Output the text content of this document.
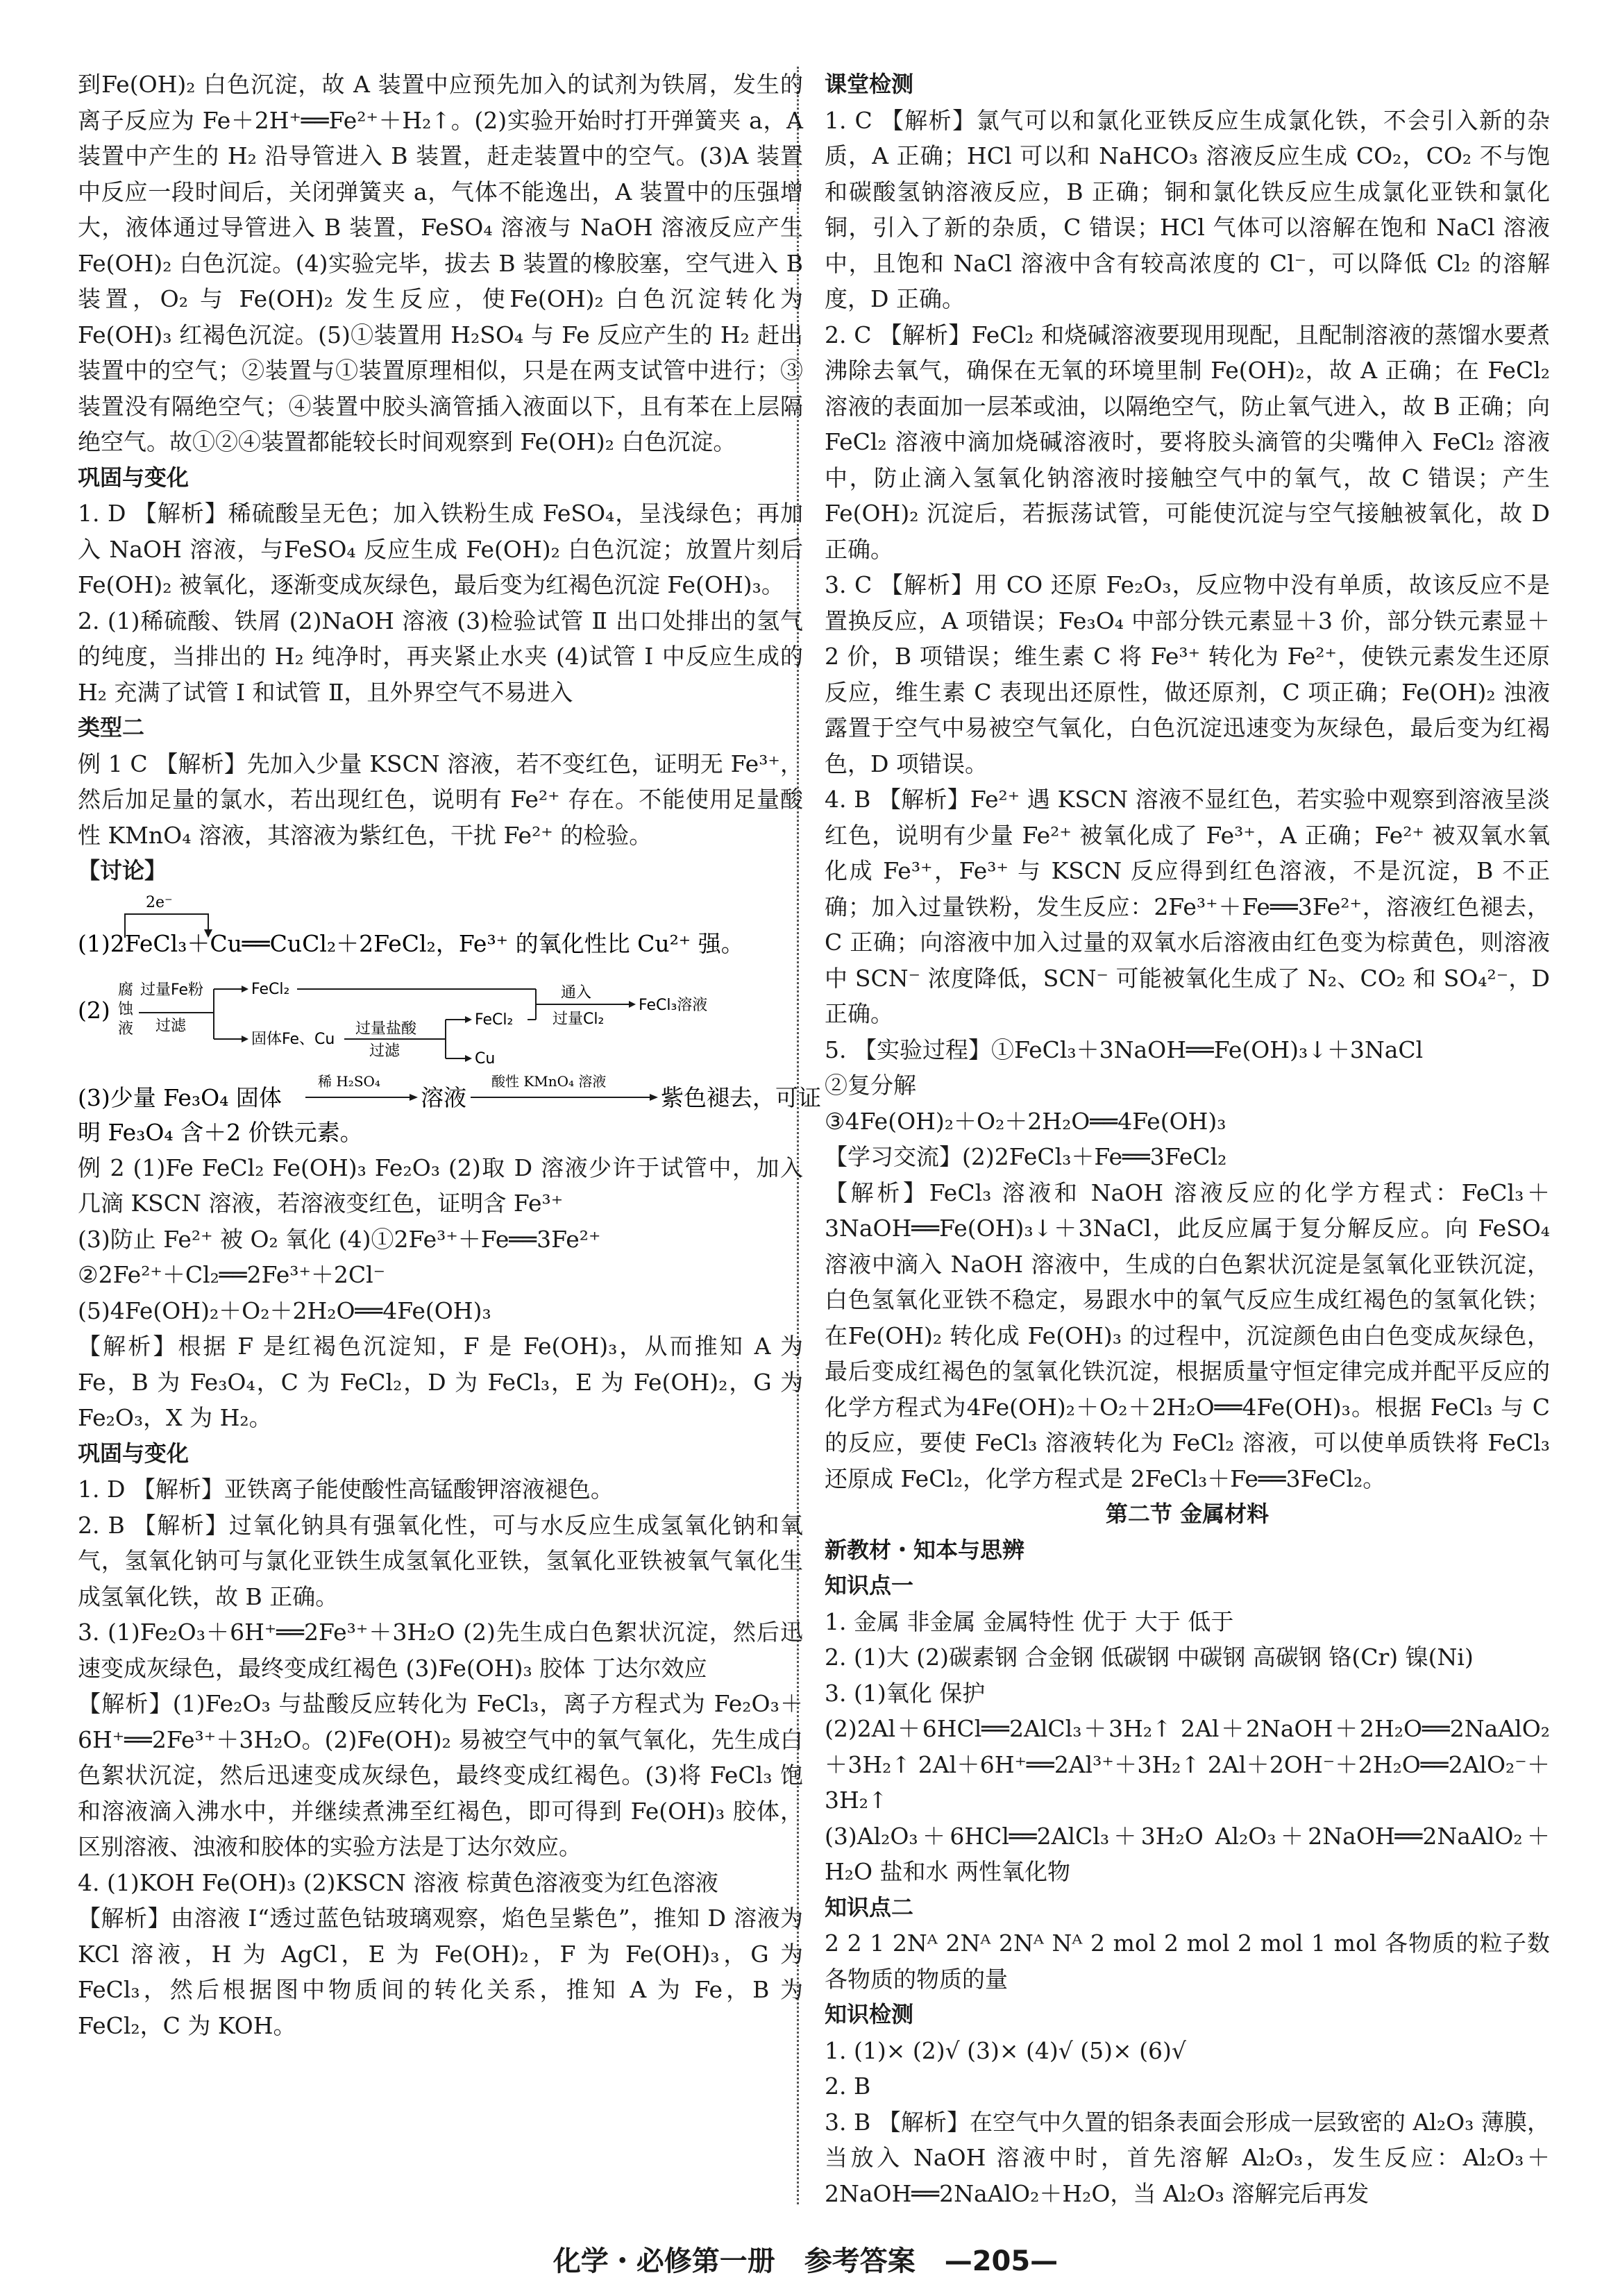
到Fe(OH)₂ 白色沉淀，故 A 装置中应预先加入的试剂为铁屑，发生的离子反应为 Fe＋2H⁺══Fe²⁺＋H₂↑。(2)实验开始时打开弹簧夹 a，A 装置中产生的 H₂ 沿导管进入 B 装置，赶走装置中的空气。(3)A 装置中反应一段时间后，关闭弹簧夹 a，气体不能逸出，A 装置中的压强增大，液体通过导管进入 B 装置，FeSO₄ 溶液与 NaOH 溶液反应产生 Fe(OH)₂ 白色沉淀。(4)实验完毕，拔去 B 装置的橡胶塞，空气进入 B 装置，O₂ 与 Fe(OH)₂ 发生反应，使Fe(OH)₂ 白色沉淀转化为 Fe(OH)₃ 红褐色沉淀。(5)①装置用 H₂SO₄ 与 Fe 反应产生的 H₂ 赶出装置中的空气；②装置与①装置原理相似，只是在两支试管中进行；③装置没有隔绝空气；④装置中胶头滴管插入液面以下，且有苯在上层隔绝空气。故①②④装置都能较长时间观察到 Fe(OH)₂ 白色沉淀。

巩固与变化

1. D 【解析】稀硫酸呈无色；加入铁粉生成 FeSO₄，呈浅绿色；再加入 NaOH 溶液，与FeSO₄ 反应生成 Fe(OH)₂ 白色沉淀；放置片刻后Fe(OH)₂ 被氧化，逐渐变成灰绿色，最后变为红褐色沉淀 Fe(OH)₃。

2. (1)稀硫酸、铁屑 (2)NaOH 溶液 (3)检验试管 Ⅱ 出口处排出的氢气的纯度，当排出的 H₂ 纯净时，再夹紧止水夹 (4)试管 Ⅰ 中反应生成的 H₂ 充满了试管 Ⅰ 和试管 Ⅱ，且外界空气不易进入

类型二

例 1 C 【解析】先加入少量 KSCN 溶液，若不变红色，证明无 Fe³⁺，然后加足量的氯水，若出现红色，说明有 Fe²⁺ 存在。不能使用足量酸性 KMnO₄ 溶液，其溶液为紫红色，干扰 Fe²⁺ 的检验。

【讨论】

2e⁻
(1)2FeCl₃＋Cu══CuCl₂＋2FeCl₂，Fe³⁺ 的氧化性比 Cu²⁺ 强。
(2)
腐
蚀
液
过量Fe粉
过滤
FeCl₂
固体Fe、Cu
过量盐酸
过滤
FeCl₂
Cu
通入
过量Cl₂
FeCl₃溶液
(3)少量 Fe₃O₄ 固体
稀 H₂SO₄
溶液
酸性 KMnO₄ 溶液
紫色褪去，可证
明 Fe₃O₄ 含＋2 价铁元素。

例 2 (1)Fe FeCl₂ Fe(OH)₃ Fe₂O₃ (2)取 D 溶液少许于试管中，加入几滴 KSCN 溶液，若溶液变红色，证明含 Fe³⁺

(3)防止 Fe²⁺ 被 O₂ 氧化 (4)①2Fe³⁺＋Fe══3Fe²⁺

②2Fe²⁺＋Cl₂══2Fe³⁺＋2Cl⁻

(5)4Fe(OH)₂＋O₂＋2H₂O══4Fe(OH)₃

【解析】根据 F 是红褐色沉淀知，F 是 Fe(OH)₃，从而推知 A 为 Fe，B 为 Fe₃O₄，C 为 FeCl₂，D 为 FeCl₃，E 为 Fe(OH)₂，G 为 Fe₂O₃，X 为 H₂。

巩固与变化

1. D 【解析】亚铁离子能使酸性高锰酸钾溶液褪色。

2. B 【解析】过氧化钠具有强氧化性，可与水反应生成氢氧化钠和氧气，氢氧化钠可与氯化亚铁生成氢氧化亚铁，氢氧化亚铁被氧气氧化生成氢氧化铁，故 B 正确。

3. (1)Fe₂O₃＋6H⁺══2Fe³⁺＋3H₂O (2)先生成白色絮状沉淀，然后迅速变成灰绿色，最终变成红褐色 (3)Fe(OH)₃ 胶体 丁达尔效应

【解析】(1)Fe₂O₃ 与盐酸反应转化为 FeCl₃，离子方程式为 Fe₂O₃＋6H⁺══2Fe³⁺＋3H₂O。(2)Fe(OH)₂ 易被空气中的氧气氧化，先生成白色絮状沉淀，然后迅速变成灰绿色，最终变成红褐色。(3)将 FeCl₃ 饱和溶液滴入沸水中，并继续煮沸至红褐色，即可得到 Fe(OH)₃ 胶体，区别溶液、浊液和胶体的实验方法是丁达尔效应。

4. (1)KOH Fe(OH)₃ (2)KSCN 溶液 棕黄色溶液变为红色溶液

【解析】由溶液 Ⅰ“透过蓝色钴玻璃观察，焰色呈紫色”，推知 D 溶液为 KCl 溶液，H 为 AgCl，E 为 Fe(OH)₂，F 为 Fe(OH)₃，G 为 FeCl₃，然后根据图中物质间的转化关系，推知 A 为 Fe，B 为 FeCl₂，C 为 KOH。

课堂检测

1. C 【解析】氯气可以和氯化亚铁反应生成氯化铁，不会引入新的杂质，A 正确；HCl 可以和 NaHCO₃ 溶液反应生成 CO₂，CO₂ 不与饱和碳酸氢钠溶液反应，B 正确；铜和氯化铁反应生成氯化亚铁和氯化铜，引入了新的杂质，C 错误；HCl 气体可以溶解在饱和 NaCl 溶液中，且饱和 NaCl 溶液中含有较高浓度的 Cl⁻，可以降低 Cl₂ 的溶解度，D 正确。

2. C 【解析】FeCl₂ 和烧碱溶液要现用现配，且配制溶液的蒸馏水要煮沸除去氧气，确保在无氧的环境里制 Fe(OH)₂，故 A 正确；在 FeCl₂ 溶液的表面加一层苯或油，以隔绝空气，防止氧气进入，故 B 正确；向 FeCl₂ 溶液中滴加烧碱溶液时，要将胶头滴管的尖嘴伸入 FeCl₂ 溶液中，防止滴入氢氧化钠溶液时接触空气中的氧气，故 C 错误；产生Fe(OH)₂ 沉淀后，若振荡试管，可能使沉淀与空气接触被氧化，故 D 正确。

3. C 【解析】用 CO 还原 Fe₂O₃，反应物中没有单质，故该反应不是置换反应，A 项错误；Fe₃O₄ 中部分铁元素显＋3 价，部分铁元素显＋2 价，B 项错误；维生素 C 将 Fe³⁺ 转化为 Fe²⁺，使铁元素发生还原反应，维生素 C 表现出还原性，做还原剂，C 项正确；Fe(OH)₂ 浊液露置于空气中易被空气氧化，白色沉淀迅速变为灰绿色，最后变为红褐色，D 项错误。

4. B 【解析】Fe²⁺ 遇 KSCN 溶液不显红色，若实验中观察到溶液呈淡红色，说明有少量 Fe²⁺ 被氧化成了 Fe³⁺，A 正确；Fe²⁺ 被双氧水氧化成 Fe³⁺，Fe³⁺ 与 KSCN 反应得到红色溶液，不是沉淀，B 不正确；加入过量铁粉，发生反应：2Fe³⁺＋Fe══3Fe²⁺，溶液红色褪去，C 正确；向溶液中加入过量的双氧水后溶液由红色变为棕黄色，则溶液中 SCN⁻ 浓度降低，SCN⁻ 可能被氧化生成了 N₂、CO₂ 和 SO₄²⁻，D 正确。

5. 【实验过程】①FeCl₃＋3NaOH══Fe(OH)₃↓＋3NaCl

②复分解

③4Fe(OH)₂＋O₂＋2H₂O══4Fe(OH)₃

【学习交流】(2)2FeCl₃＋Fe══3FeCl₂

【解析】FeCl₃ 溶液和 NaOH 溶液反应的化学方程式：FeCl₃＋3NaOH══Fe(OH)₃↓＋3NaCl，此反应属于复分解反应。向 FeSO₄ 溶液中滴入 NaOH 溶液中，生成的白色絮状沉淀是氢氧化亚铁沉淀，白色氢氧化亚铁不稳定，易跟水中的氧气反应生成红褐色的氢氧化铁；在Fe(OH)₂ 转化成 Fe(OH)₃ 的过程中，沉淀颜色由白色变成灰绿色，最后变成红褐色的氢氧化铁沉淀，根据质量守恒定律完成并配平反应的化学方程式为4Fe(OH)₂＋O₂＋2H₂O══4Fe(OH)₃。根据 FeCl₃ 与 C 的反应，要使 FeCl₃ 溶液转化为 FeCl₂ 溶液，可以使单质铁将 FeCl₃ 还原成 FeCl₂，化学方程式是 2FeCl₃＋Fe══3FeCl₂。

第二节 金属材料

新教材・知本与思辨

知识点一

1. 金属 非金属 金属特性 优于 大于 低于

2. (1)大 (2)碳素钢 合金钢 低碳钢 中碳钢 高碳钢 铬(Cr) 镍(Ni)

3. (1)氧化 保护

(2)2Al＋6HCl══2AlCl₃＋3H₂↑ 2Al＋2NaOH＋2H₂O══2NaAlO₂＋3H₂↑ 2Al＋6H⁺══2Al³⁺＋3H₂↑ 2Al＋2OH⁻＋2H₂O══2AlO₂⁻＋3H₂↑

(3)Al₂O₃＋6HCl══2AlCl₃＋3H₂O Al₂O₃＋2NaOH══2NaAlO₂＋H₂O 盐和水 两性氧化物

知识点二

2 2 1 2Nᴬ 2Nᴬ 2Nᴬ Nᴬ 2 mol 2 mol 2 mol 1 mol 各物质的粒子数 各物质的物质的量

知识检测

1. (1)× (2)√ (3)× (4)√ (5)× (6)√

2. B

3. B 【解析】在空气中久置的铝条表面会形成一层致密的 Al₂O₃ 薄膜，当放入 NaOH 溶液中时，首先溶解 Al₂O₃，发生反应：Al₂O₃＋2NaOH══2NaAlO₂＋H₂O，当 Al₂O₃ 溶解完后再发

化学・必修第一册 参考答案 —205—
